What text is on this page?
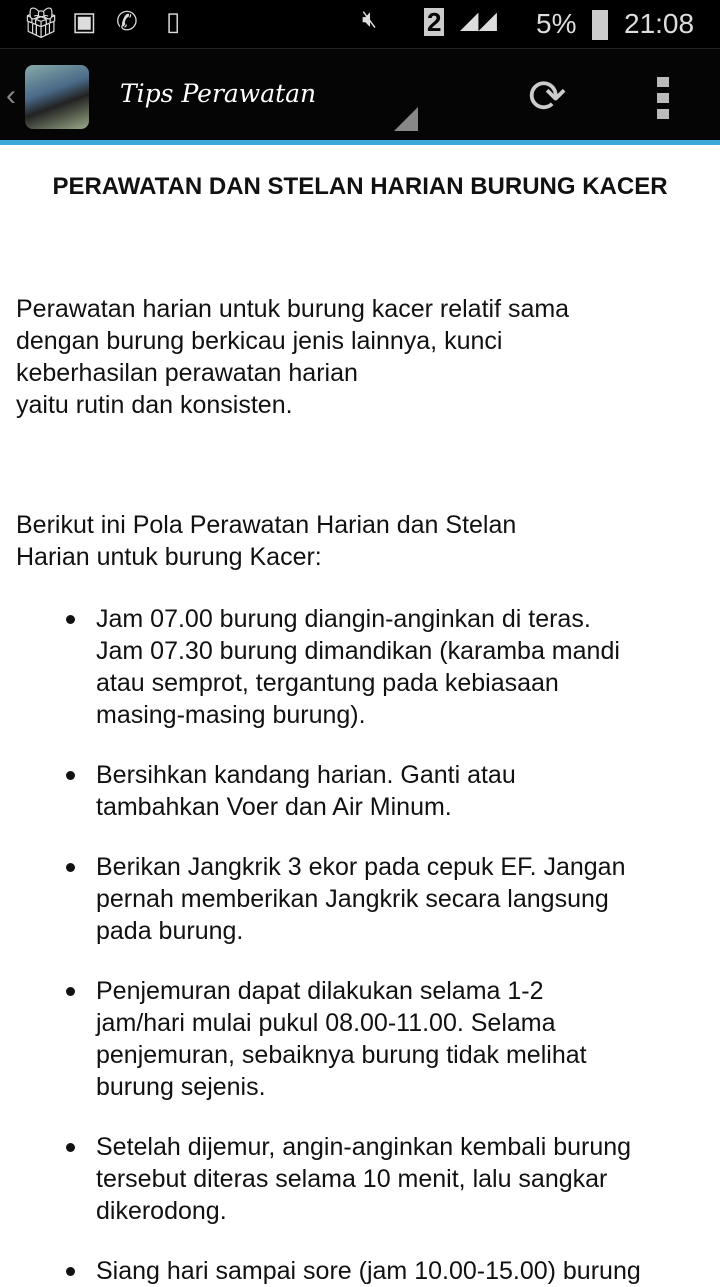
🎁︎ ▣ ✆ ▯	🔇︎ 2 ◢◢ 5% 21:08
‹	Tips Perawatan	⟳
PERAWATAN DAN STELAN HARIAN BURUNG KACER
Perawatan harian untuk burung kacer relatif sama
dengan burung berkicau jenis lainnya, kunci
keberhasilan perawatan harian
yaitu rutin dan konsisten.
Berikut ini Pola Perawatan Harian dan Stelan
Harian untuk burung Kacer:
Jam 07.00 burung diangin-anginkan di teras.
Jam 07.30 burung dimandikan (karamba mandi
atau semprot, tergantung pada kebiasaan
masing-masing burung).
Bersihkan kandang harian. Ganti atau
tambahkan Voer dan Air Minum.
Berikan Jangkrik 3 ekor pada cepuk EF. Jangan
pernah memberikan Jangkrik secara langsung
pada burung.
Penjemuran dapat dilakukan selama 1-2
jam/hari mulai pukul 08.00-11.00. Selama
penjemuran, sebaiknya burung tidak melihat
burung sejenis.
Setelah dijemur, angin-anginkan kembali burung
tersebut diteras selama 10 menit, lalu sangkar
dikerodong.
Siang hari sampai sore (jam 10.00-15.00) burung
